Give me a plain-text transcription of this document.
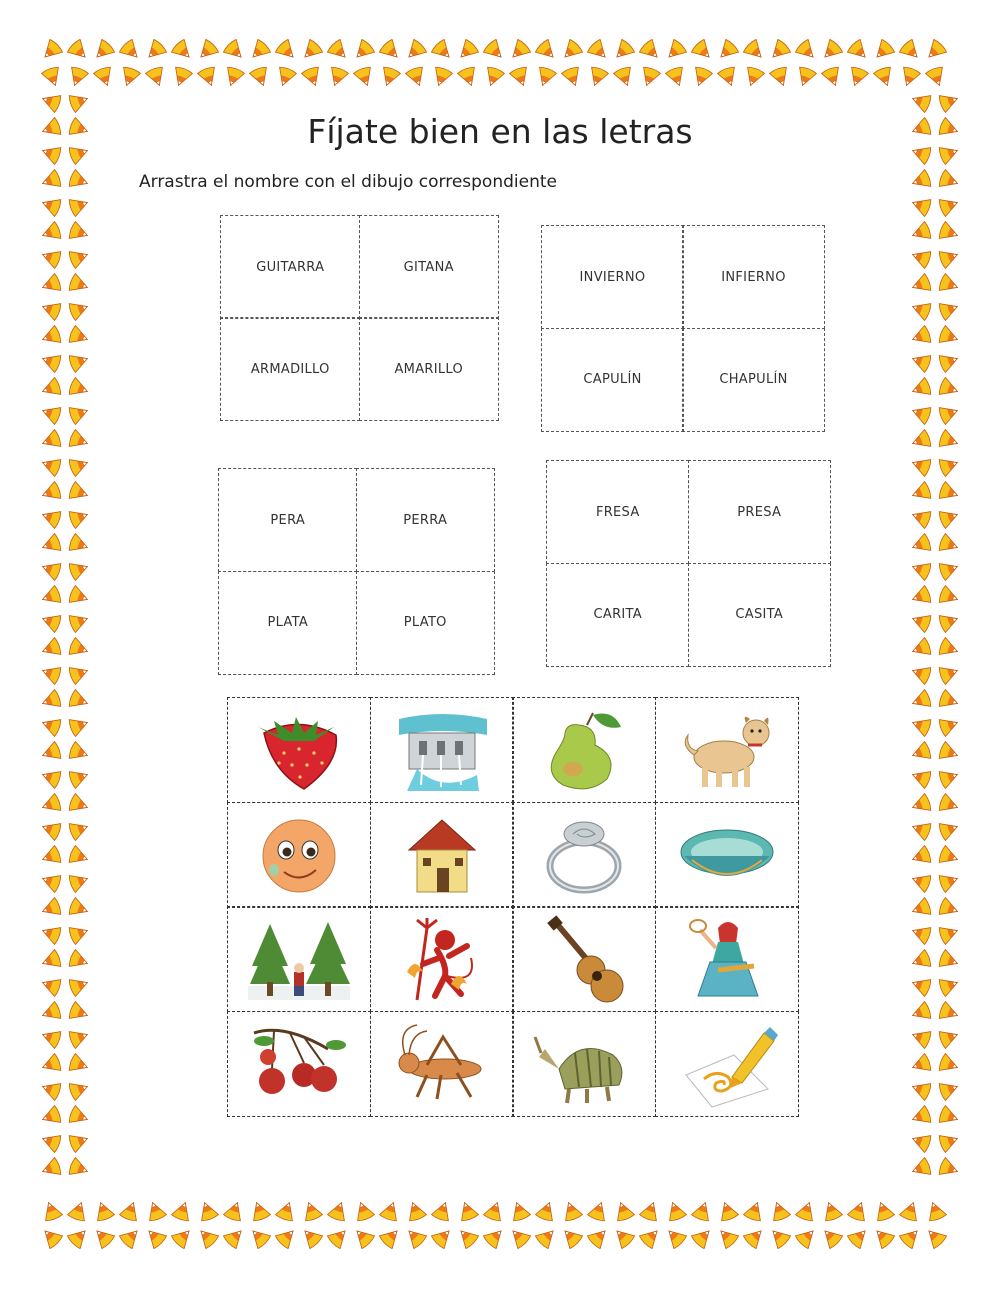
Fíjate bien en las letras
Arrastra el nombre con el dibujo correspondiente
GUITARRA	GITANA
ARMADILLO	AMARILLO
INVIERNO	INFIERNO
CAPULÍN	CHAPULÍN
PERA	PERRA
PLATA	PLATO
FRESA	PRESA
CARITA	CASITA
